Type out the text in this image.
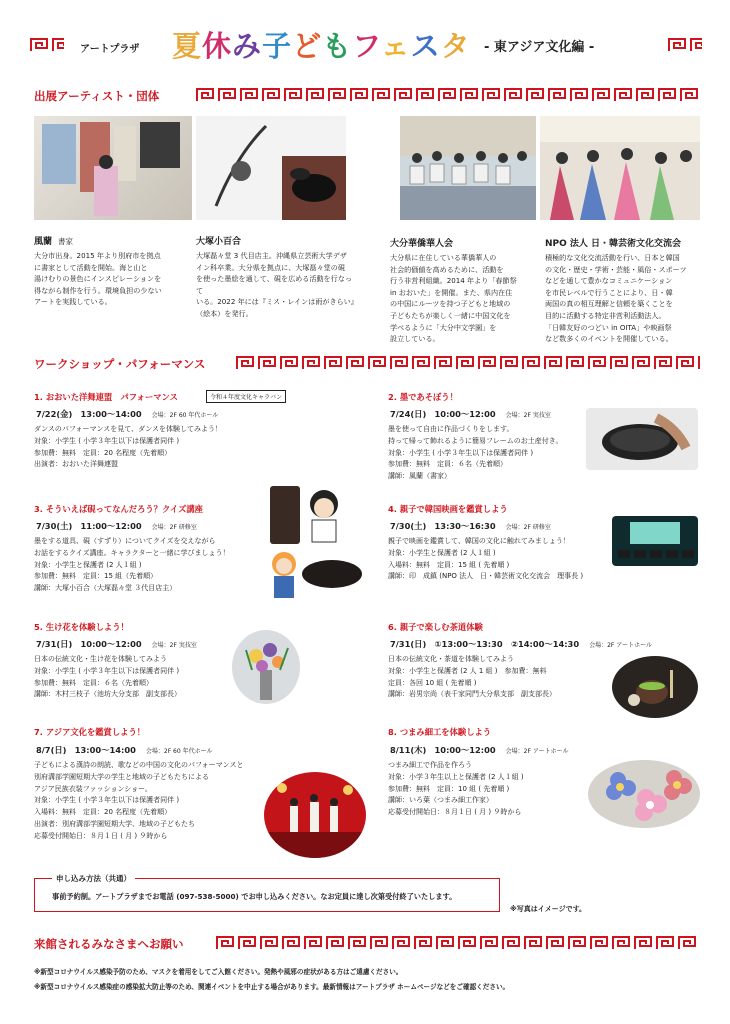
アートプラザ 夏休み子どもフェスタ - 東アジア文化編 -
出展アーティスト・団体
風蘭 書家
大分市出身。2015 年より別府市を拠点
に書家として活動を開始。海と山と
湯けむりの景色にインスピレーションを
得ながら制作を行う。環境負担の少ない
アートを実践している。
大塚小百合
大塚磊々堂 3 代目店主。沖縄県立芸術大学デザ
イン科卒業。大分県を拠点に、大塚磊々堂の硯
を使った墨絵を通して、硯を広める活動を行なって
いる。2022 年には『ミス・レインは雨がきらい』
（絵本）を発行。
大分華僑華人会
大分県に在住している華僑華人の
社会的価値を高めるために、活動を
行う非営利組織。2014 年より「春節祭
in おおいた」を開催。また、県内在住
の中国にルーツを持つ子どもと地域の
子どもたちが楽しく一緒に中国文化を
学べるように「大分中文学園」を
設立している。
NPO 法人 日・韓芸術文化交流会
積極的な文化交流活動を行い、日本と韓国
の文化・歴史・学術・芸能・風俗・スポーツ
などを通して豊かなコミュニケーション
を市民レベルで行うことにより、日・韓
両国の真の相互理解と信頼を築くことを
目的に活動する特定非営利活動法人。
「日韓友好のつどい in OITA」や映画祭
など数多くのイベントを開催している。
ワークショップ・パフォーマンス
1. おおいた洋舞連盟　パフォーマンス	令和４年度文化キャラバン
7/22(金)　13:00～14:00 会場：2F 60 年代ホール
ダンスのパフォーマンスを見て、ダンスを体験してみよう！
対象：小学生 ( 小学３年生以下は保護者同伴 )
参加費：無料　定員：20 名程度（先着順）
出演者：おおいた洋舞連盟
2. 墨であそぼう！
7/24(日)　10:00～12:00 会場：2F 実技室
墨を使って自由に作品づくりをします。
持って帰って飾れるように簡易フレームのお土産付き。
対象：小学生 ( 小学３年生以下は保護者同伴 )
参加費：無料　定員：６名（先着順）
講師：風蘭（書家）
3. そういえば硯ってなんだろう？クイズ講座
7/30(土)　11:00～12:00 会場：2F 研修室
墨をする道具、硯（すずり）についてクイズを交えながら
お話をするクイズ講座。キャラクターと一緒に学びましょう！
対象：小学生と保護者 (2 人１組 )
参加費：無料　定員：15 組（先着順）
講師：大塚小百合（大塚磊々堂 ３代目店主）
4. 親子で韓国映画を鑑賞しよう
7/30(土)　13:30～16:30 会場：2F 研修室
親子で映画を鑑賞して、韓国の文化に触れてみましょう！
対象：小学生と保護者 (2 人１組 )
入場料：無料　定員：15 組 ( 先着順 )
講師：印　成鎮 (NPO 法人　日・韓芸術文化交流会　理事長 )
5. 生け花を体験しよう！
7/31(日)　10:00～12:00 会場：2F 実技室
日本の伝統文化・生け花を体験してみよう
対象：小学生 ( 小学３年生以下は保護者同伴 )
参加費：無料　定員：６名（先着順）
講師：木村三枝子（池坊大分支部　副支部長）
6. 親子で楽しむ茶道体験
7/31(日)　①13:00～13:30　②14:00～14:30 会場：2F アートホール
日本の伝統文化・茶道を体験してみよう
対象：小学生と保護者 (2 人 1 組 )　参加費：無料
定員：各回 10 組 ( 先着順 )
講師：岩男宗尚（表千家同門大分県支部　副支部長）
7. アジア文化を鑑賞しよう！
8/7(日)　13:00～14:00 会場：2F 60 年代ホール
子どもによる漢詩の朗読、歌などの中国の文化のパフォーマンスと
別府溝部学園短期大学の学生と地域の子どもたちによる
アジア民族衣装ファッションショー。
対象：小学生 ( 小学３年生以下は保護者同伴 )
入場料：無料　定員：20 名程度（先着順）
出演者：別府溝部学園短期大学、地域の子どもたち
応募受付開始日：８月１日 ( 月 ) ９時から
8. つまみ細工を体験しよう
8/11(木)　10:00～12:00 会場：2F アートホール
つまみ細工で作品を作ろう
対象：小学３年生以上と保護者 (2 人１組 )
参加費：無料　定員：10 組 ( 先着順 )
講師：いろ葉（つまみ細工作家）
応募受付開始日：８月１日 ( 月 ) ９時から
申し込み方法（共通）
事前予約制。アートプラザまでお電話 (097-538-5000) でお申し込みください。なお定員に達し次第受付終了いたします。
※写真はイメージです。
来館されるみなさまへお願い
※新型コロナウイルス感染予防のため、マスクを着用をしてご入館ください。発熱や風邪の症状がある方はご遠慮ください。
※新型コロナウイルス感染症の感染拡大防止等のため、関連イベントを中止する場合があります。最新情報はアートプラザ ホームページなどをご確認ください。
